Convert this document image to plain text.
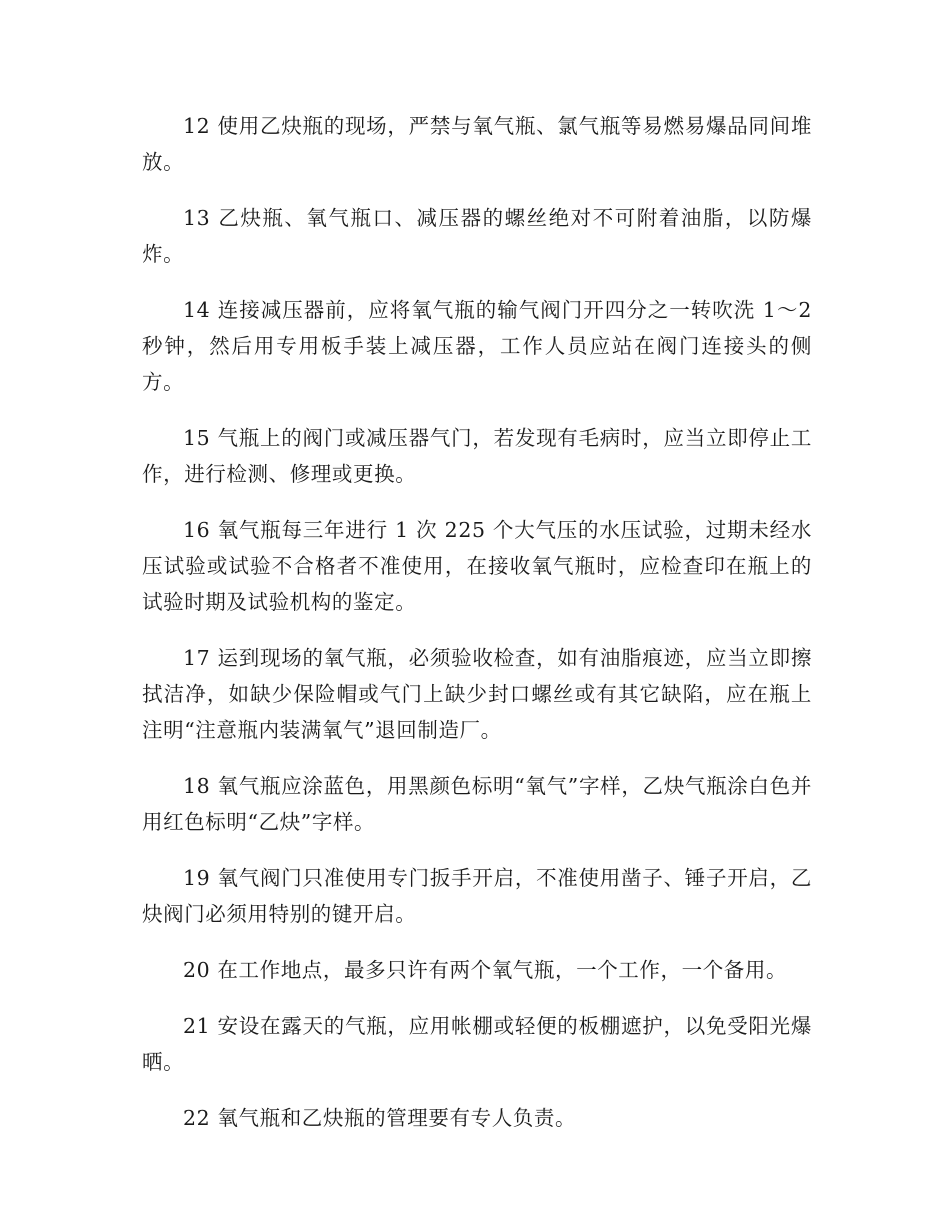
12 使用乙炔瓶的现场，严禁与氧气瓶、氯气瓶等易燃易爆品同间堆放。

13 乙炔瓶、氧气瓶口、减压器的螺丝绝对不可附着油脂，以防爆炸。

14 连接减压器前，应将氧气瓶的输气阀门开四分之一转吹洗 1～2 秒钟，然后用专用板手装上减压器，工作人员应站在阀门连接头的侧方。

15 气瓶上的阀门或减压器气门，若发现有毛病时，应当立即停止工作，进行检测、修理或更换。

16 氧气瓶每三年进行 1 次 225 个大气压的水压试验，过期未经水压试验或试验不合格者不准使用，在接收氧气瓶时，应检查印在瓶上的试验时期及试验机构的鉴定。

17 运到现场的氧气瓶，必须验收检查，如有油脂痕迹，应当立即擦拭洁净，如缺少保险帽或气门上缺少封口螺丝或有其它缺陷，应在瓶上注明“注意瓶内装满氧气”退回制造厂。

18 氧气瓶应涂蓝色，用黑颜色标明“氧气”字样，乙炔气瓶涂白色并用红色标明“乙炔”字样。

19 氧气阀门只准使用专门扳手开启，不准使用凿子、锤子开启，乙炔阀门必须用特别的键开启。

20 在工作地点，最多只许有两个氧气瓶，一个工作，一个备用。

21 安设在露天的气瓶，应用帐棚或轻便的板棚遮护，以免受阳光爆晒。

22 氧气瓶和乙炔瓶的管理要有专人负责。
